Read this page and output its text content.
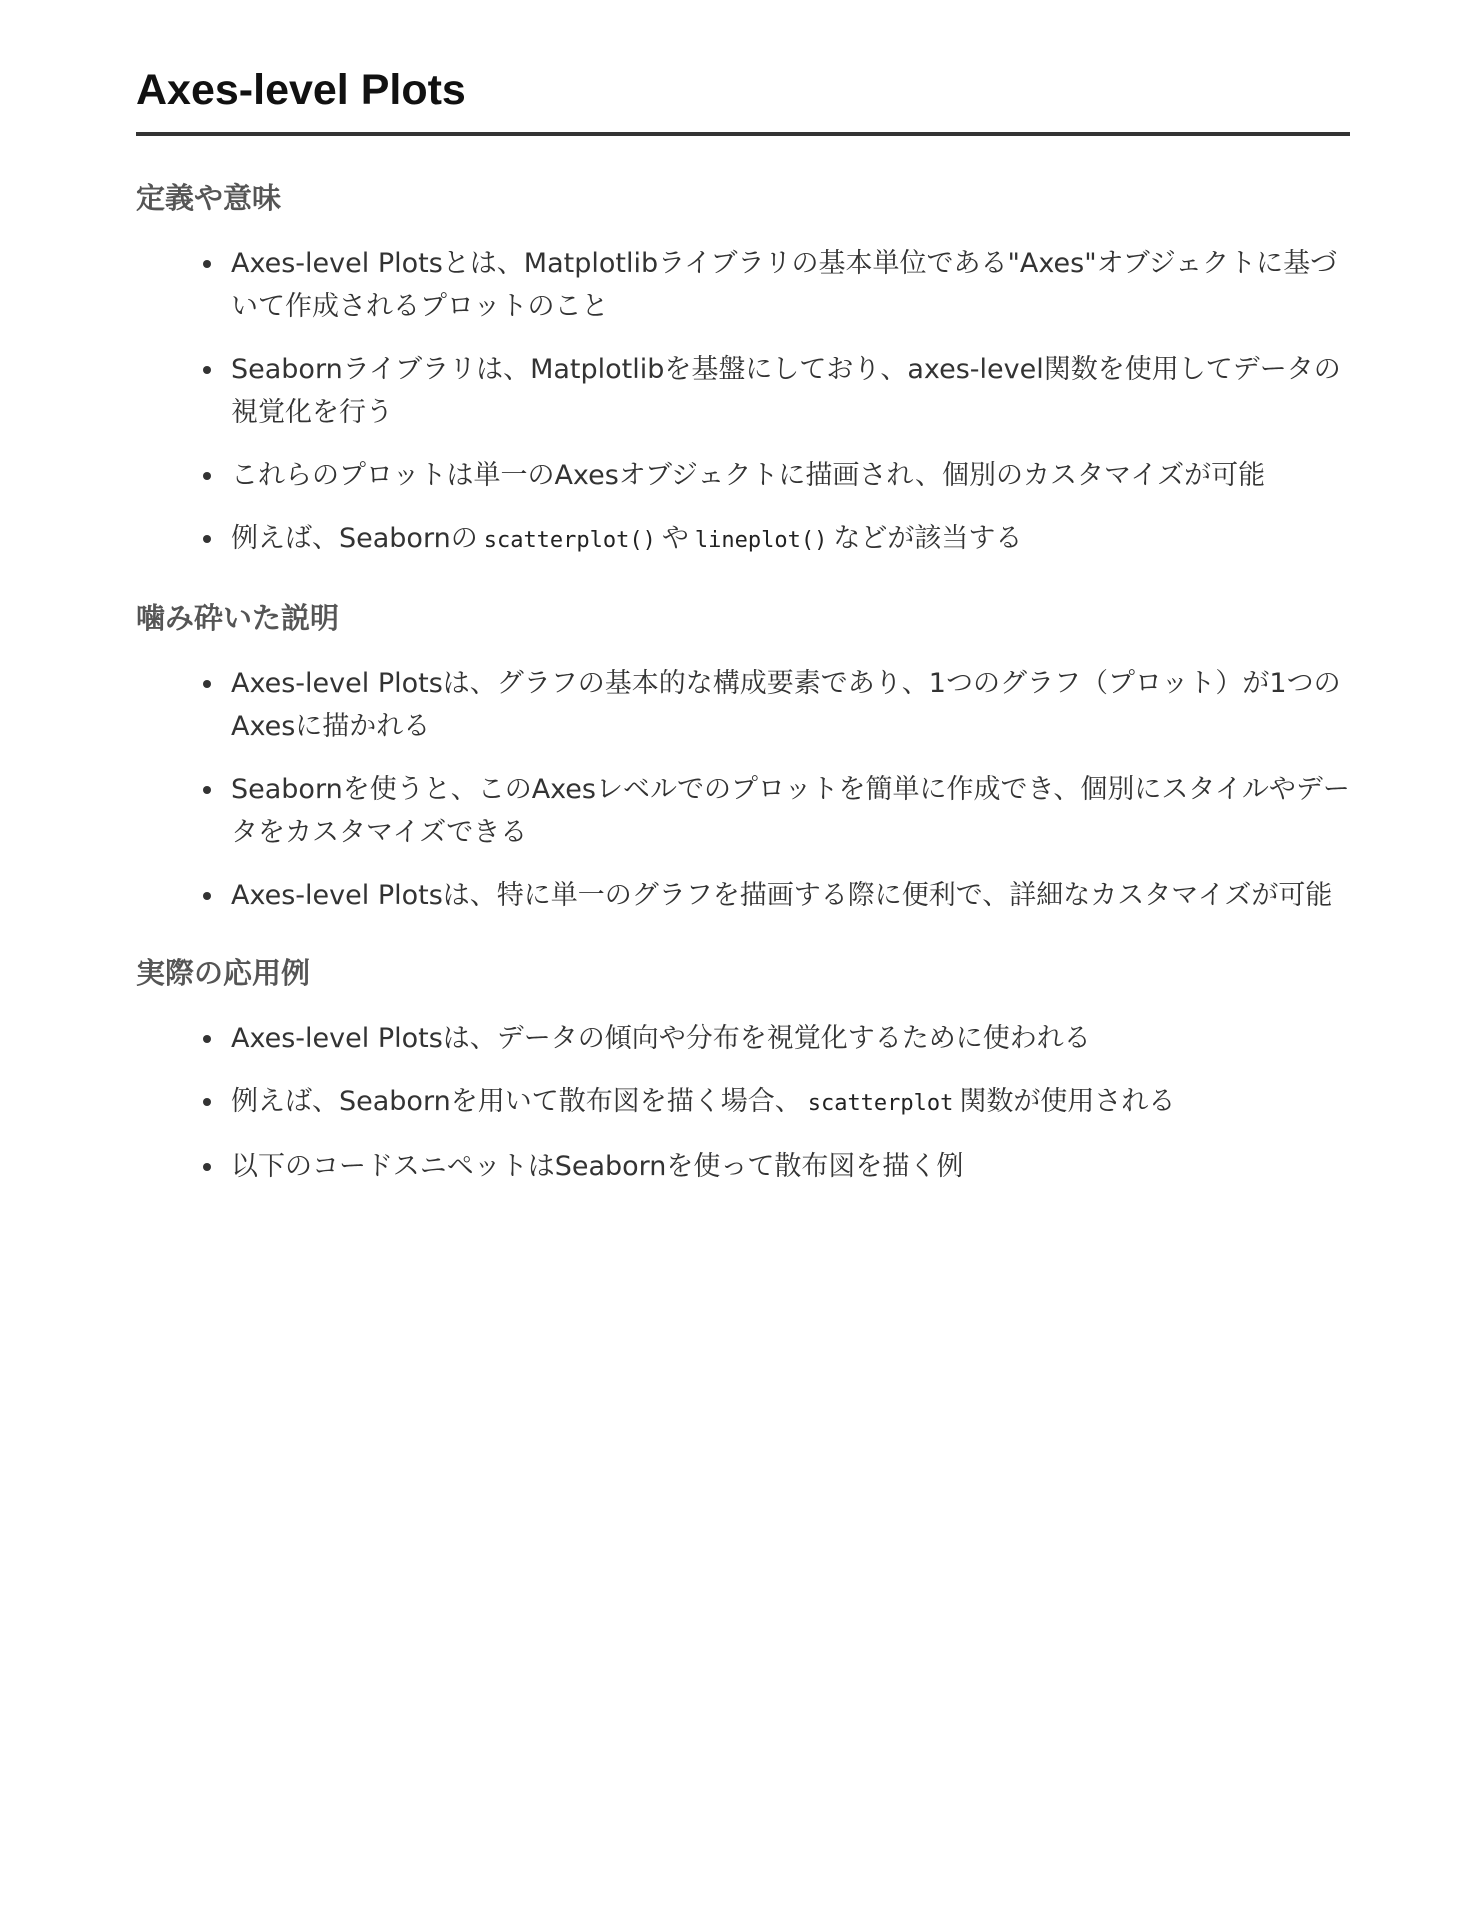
Axes-level Plots
定義や意味
Axes-level Plotsとは、Matplotlibライブラリの基本単位である"Axes"オブジェクトに基づいて作成されるプロットのこと
Seabornライブラリは、Matplotlibを基盤にしており、axes-level関数を使用してデータの視覚化を行う
これらのプロットは単一のAxesオブジェクトに描画され、個別のカスタマイズが可能
例えば、Seabornの scatterplot() や lineplot() などが該当する
噛み砕いた説明
Axes-level Plotsは、グラフの基本的な構成要素であり、1つのグラフ（プロット）が1つのAxesに描かれる
Seabornを使うと、このAxesレベルでのプロットを簡単に作成でき、個別にスタイルやデータをカスタマイズできる
Axes-level Plotsは、特に単一のグラフを描画する際に便利で、詳細なカスタマイズが可能
実際の応用例
Axes-level Plotsは、データの傾向や分布を視覚化するために使われる
例えば、Seabornを用いて散布図を描く場合、 scatterplot 関数が使用される
以下のコードスニペットはSeabornを使って散布図を描く例
